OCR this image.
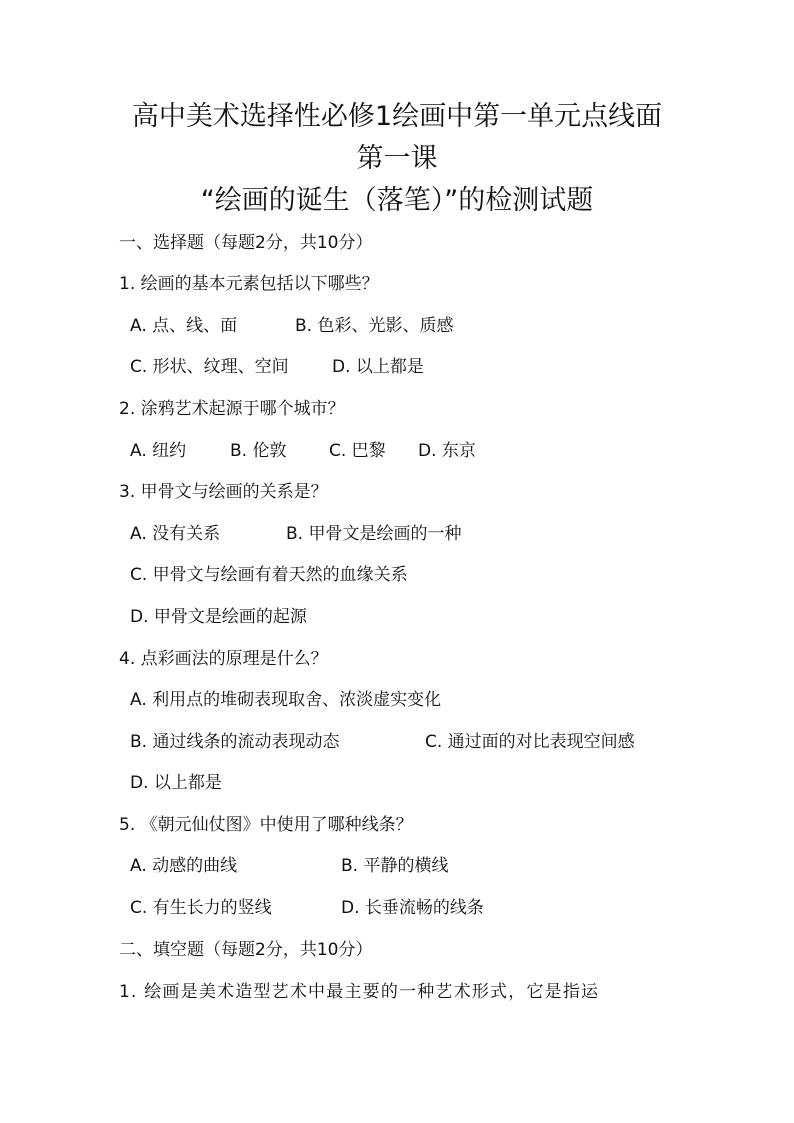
高中美术选择性必修1绘画中第一单元点线面
第一课
“绘画的诞生（落笔）”的检测试题
一、选择题（每题2分，共10分）
1. 绘画的基本元素包括以下哪些？
A. 点、线、面	B. 色彩、光影、质感
C. 形状、纹理、空间	D. 以上都是
2. 涂鸦艺术起源于哪个城市？
A. 纽约	B. 伦敦	C. 巴黎 D. 东京
3. 甲骨文与绘画的关系是？
A. 没有关系	B. 甲骨文是绘画的一种
C. 甲骨文与绘画有着天然的血缘关系
D. 甲骨文是绘画的起源
4. 点彩画法的原理是什么？
A. 利用点的堆砌表现取舍、浓淡虚实变化
B. 通过线条的流动表现动态	C. 通过面的对比表现空间感
D. 以上都是
5. 《朝元仙仗图》中使用了哪种线条？
A. 动感的曲线	B. 平静的横线
C. 有生长力的竖线	D. 长垂流畅的线条
二、填空题（每题2分，共10分）
1. 绘画是美术造型艺术中最主要的一种艺术形式，它是指运
